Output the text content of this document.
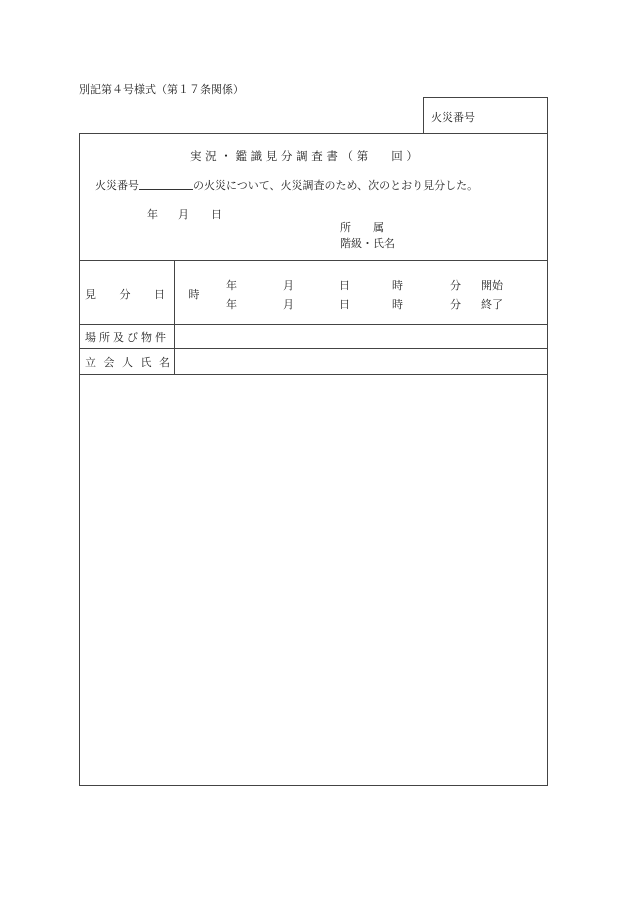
別記第４号様式（第１７条関係）
火災番号
実 況 ・ 鑑 識 見 分 調 査 書 （ 第　　回 ）
火災番号	の火災について、火災調査のため、次のとおり見分した。
年 月 日
所　　属
階級・氏名
見 分 日 時
年	月	日	時	分 開始
年	月	日	時	分 終了
場所及び物件
立 会 人 氏 名
